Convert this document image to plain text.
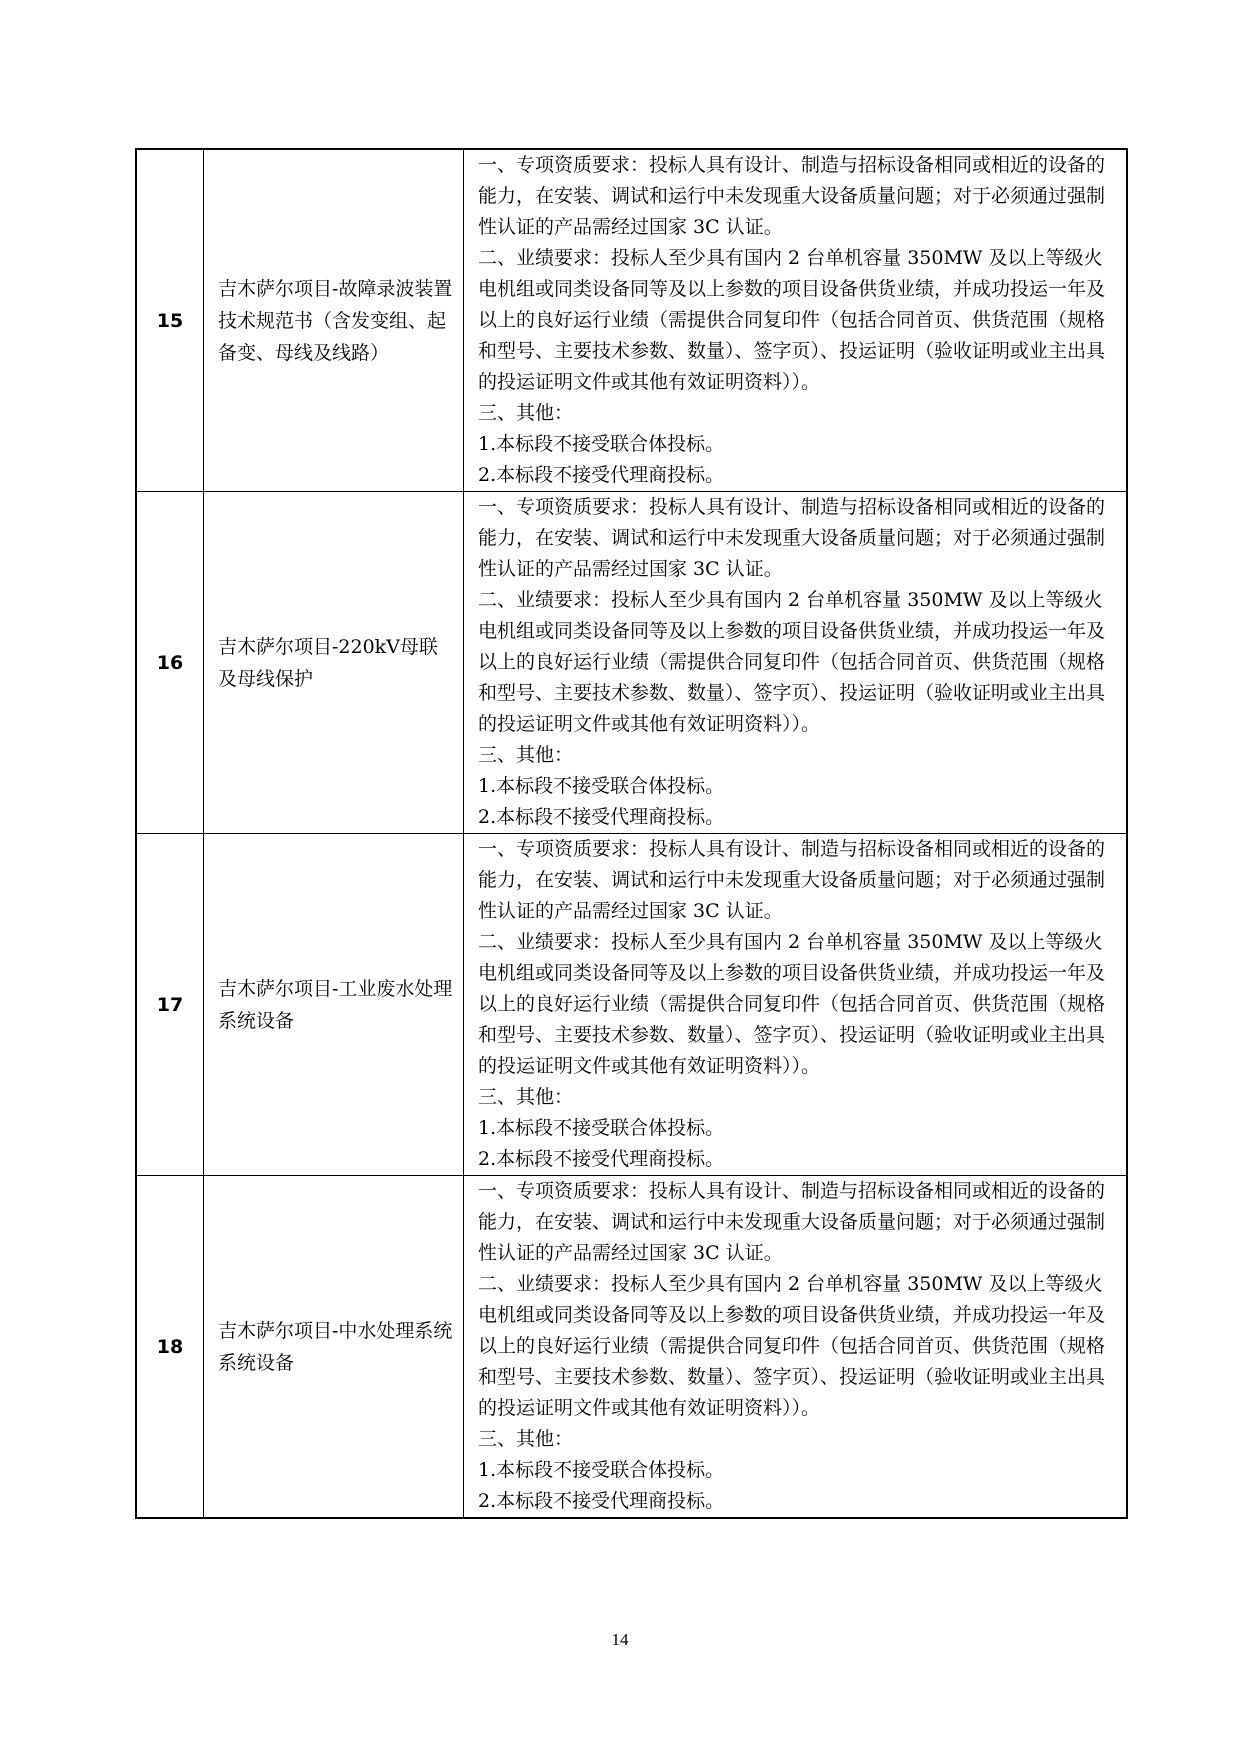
15	吉木萨尔项目-故障录波装置技术规范书（含发变组、起备变、母线及线路）	一、专项资质要求：投标人具有设计、制造与招标设备相同或相近的设备的能力，在安装、调试和运行中未发现重大设备质量问题；对于必须通过强制性认证的产品需经过国家 3C 认证。
二、业绩要求：投标人至少具有国内 2 台单机容量 350MW 及以上等级火电机组或同类设备同等及以上参数的项目设备供货业绩，并成功投运一年及以上的良好运行业绩（需提供合同复印件（包括合同首页、供货范围（规格和型号、主要技术参数、数量）、签字页）、投运证明（验收证明或业主出具的投运证明文件或其他有效证明资料））。
三、其他：
1.本标段不接受联合体投标。
2.本标段不接受代理商投标。

16	吉木萨尔项目-220kV母联及母线保护	一、专项资质要求：投标人具有设计、制造与招标设备相同或相近的设备的能力，在安装、调试和运行中未发现重大设备质量问题；对于必须通过强制性认证的产品需经过国家 3C 认证。
二、业绩要求：投标人至少具有国内 2 台单机容量 350MW 及以上等级火电机组或同类设备同等及以上参数的项目设备供货业绩，并成功投运一年及以上的良好运行业绩（需提供合同复印件（包括合同首页、供货范围（规格和型号、主要技术参数、数量）、签字页）、投运证明（验收证明或业主出具的投运证明文件或其他有效证明资料））。
三、其他：
1.本标段不接受联合体投标。
2.本标段不接受代理商投标。

17	吉木萨尔项目-工业废水处理系统设备	一、专项资质要求：投标人具有设计、制造与招标设备相同或相近的设备的能力，在安装、调试和运行中未发现重大设备质量问题；对于必须通过强制性认证的产品需经过国家 3C 认证。
二、业绩要求：投标人至少具有国内 2 台单机容量 350MW 及以上等级火电机组或同类设备同等及以上参数的项目设备供货业绩，并成功投运一年及以上的良好运行业绩（需提供合同复印件（包括合同首页、供货范围（规格和型号、主要技术参数、数量）、签字页）、投运证明（验收证明或业主出具的投运证明文件或其他有效证明资料））。
三、其他：
1.本标段不接受联合体投标。
2.本标段不接受代理商投标。

18	吉木萨尔项目-中水处理系统系统设备	一、专项资质要求：投标人具有设计、制造与招标设备相同或相近的设备的能力，在安装、调试和运行中未发现重大设备质量问题；对于必须通过强制性认证的产品需经过国家 3C 认证。
二、业绩要求：投标人至少具有国内 2 台单机容量 350MW 及以上等级火电机组或同类设备同等及以上参数的项目设备供货业绩，并成功投运一年及以上的良好运行业绩（需提供合同复印件（包括合同首页、供货范围（规格和型号、主要技术参数、数量）、签字页）、投运证明（验收证明或业主出具的投运证明文件或其他有效证明资料））。
三、其他：
1.本标段不接受联合体投标。
2.本标段不接受代理商投标。
14
